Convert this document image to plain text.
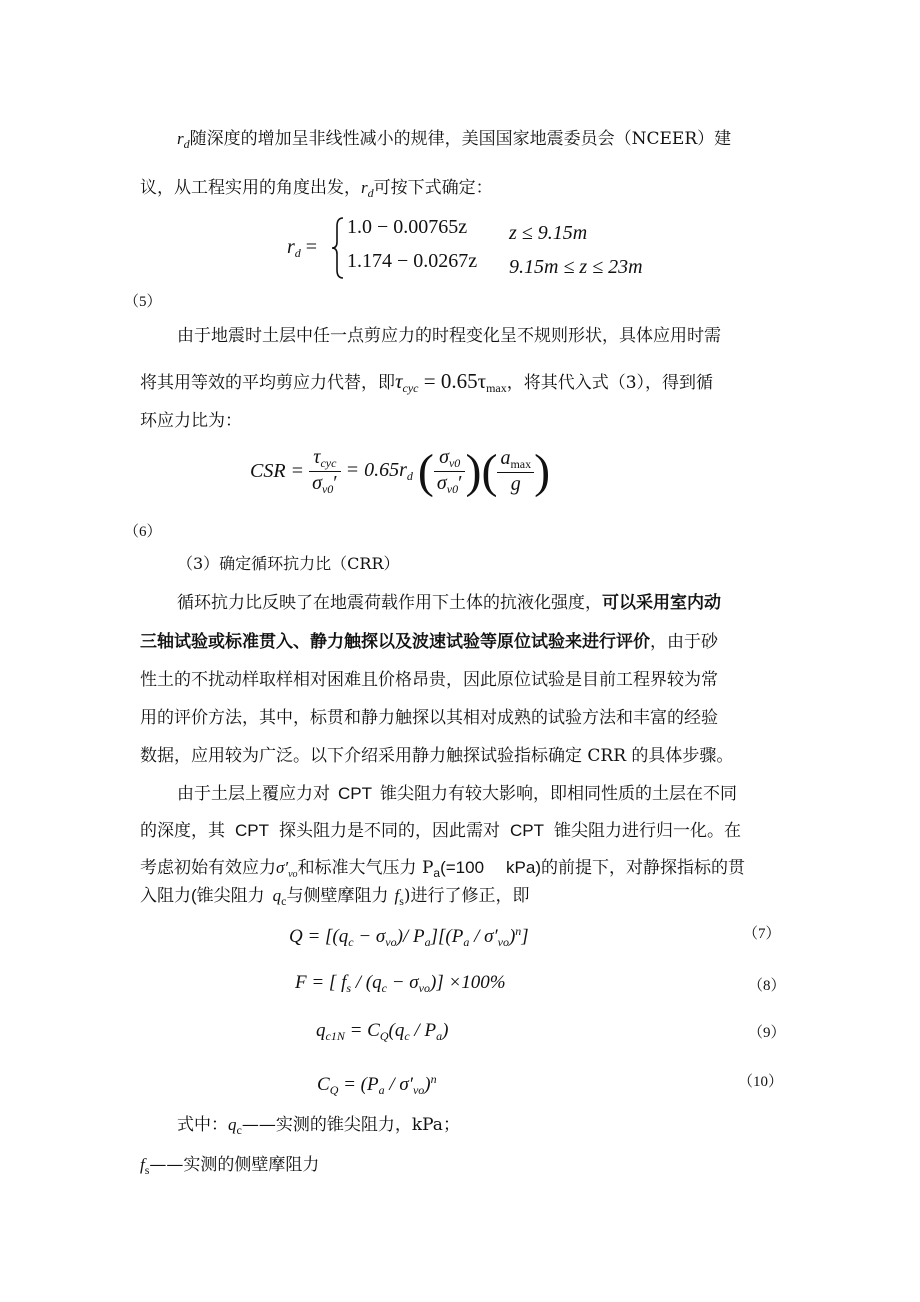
$r_d$随深度的增加呈非线性减小的规律，美国国家地震委员会（NCEER）建
议，从工程实用的角度出发，$r_d$可按下式确定：
$r_d$ =
1.0 − 0.00765z z ≤ 9.15m
1.174 − 0.0267z 9.15m ≤ z ≤ 23m
（5）
由于地震时土层中任一点剪应力的时程变化呈不规则形状，具体应用时需
将其用等效的平均剪应力代替，即$\tau_{cyc} = 0.65\tau_{max}$，将其代入式（3），得到循
环应力比为：
CSR = $\frac{\tau_{cyc}}{\sigma_{v0}'} = 0.65r_d$ ( $\frac{\sigma_{v0}}{\sigma_{v0}'}$ )( $\frac{a_{max}}{g}$ )
（6）
（3）确定循环抗力比（CRR）
循环抗力比反映了在地震荷载作用下土体的抗液化强度，可以采用室内动
三轴试验或标准贯入、静力触探以及波速试验等原位试验来进行评价，由于砂
性土的不扰动样取样相对困难且价格昂贵，因此原位试验是目前工程界较为常
用的评价方法，其中，标贯和静力触探以其相对成熟的试验方法和丰富的经验
数据，应用较为广泛。以下介绍采用静力触探试验指标确定 CRR 的具体步骤。
由于土层上覆应力对 CPT 锥尖阻力有较大影响，即相同性质的土层在不同
的深度，其 CPT 探头阻力是不同的，因此需对 CPT 锥尖阻力进行归一化。在
考虑初始有效应力$\sigma'_{vo}$和标准大气压力 $P_a(=100$ kPa)的前提下，对静探指标的贯
入阻力(锥尖阻力 $q_c$与侧壁摩阻力 $f_s$)进行了修正，即
$Q = [(q_c - \sigma_{vo})/$ $P_a][(P_a / \sigma'_{vo})^n]$	（7）
F = [ $f_s / (q_c - \sigma_{vo})] \times 100\%$	（8）
$q_{c1N} = C_Q(q_c / P_a)$	（9）
$C_Q = (P_a / \sigma'_{vo})^n$	（10）
式中：$q_c——$实测的锥尖阻力，kPa；
$f_s——$实测的侧壁摩阻力
